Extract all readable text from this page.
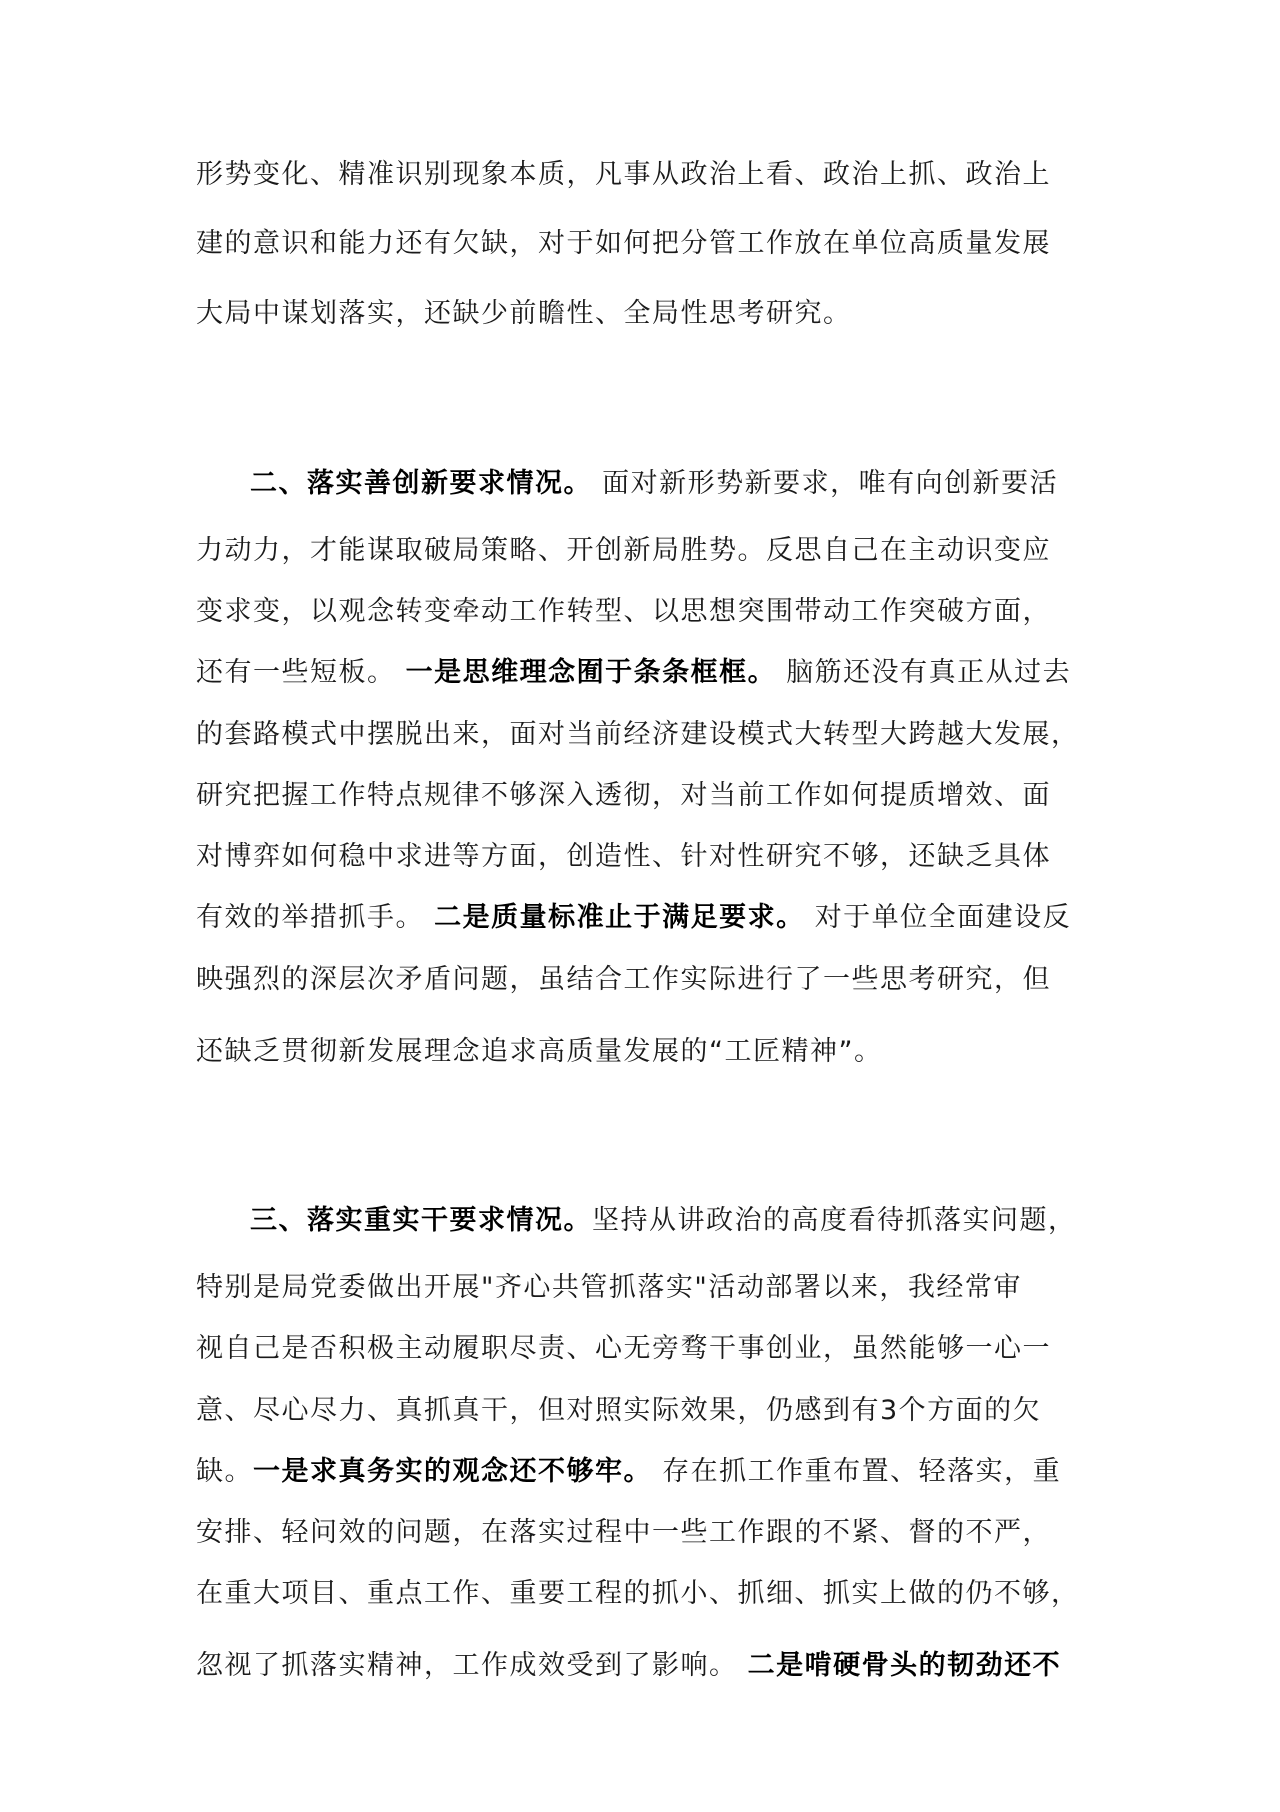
形势变化、精准识别现象本质，凡事从政治上看、政治上抓、政治上
建的意识和能力还有欠缺，对于如何把分管工作放在单位高质量发展
大局中谋划落实，还缺少前瞻性、全局性思考研究。
二、落实善创新要求情况。 面对新形势新要求，唯有向创新要活
力动力，才能谋取破局策略、开创新局胜势。反思自己在主动识变应
变求变，以观念转变牵动工作转型、以思想突围带动工作突破方面，
还有一些短板。 一是思维理念囿于条条框框。 脑筋还没有真正从过去
的套路模式中摆脱出来，面对当前经济建设模式大转型大跨越大发展，
研究把握工作特点规律不够深入透彻，对当前工作如何提质增效、面
对博弈如何稳中求进等方面，创造性、针对性研究不够，还缺乏具体
有效的举措抓手。 二是质量标准止于满足要求。 对于单位全面建设反
映强烈的深层次矛盾问题，虽结合工作实际进行了一些思考研究，但
还缺乏贯彻新发展理念追求高质量发展的“工匠精神”。
三、落实重实干要求情况。坚持从讲政治的高度看待抓落实问题，
特别是局党委做出开展"齐心共管抓落实"活动部署以来，我经常审
视自己是否积极主动履职尽责、心无旁骛干事创业，虽然能够一心一
意、尽心尽力、真抓真干，但对照实际效果，仍感到有3个方面的欠
缺。一是求真务实的观念还不够牢。 存在抓工作重布置、轻落实，重
安排、轻问效的问题，在落实过程中一些工作跟的不紧、督的不严，
在重大项目、重点工作、重要工程的抓小、抓细、抓实上做的仍不够，
忽视了抓落实精神，工作成效受到了影响。 二是啃硬骨头的韧劲还不
